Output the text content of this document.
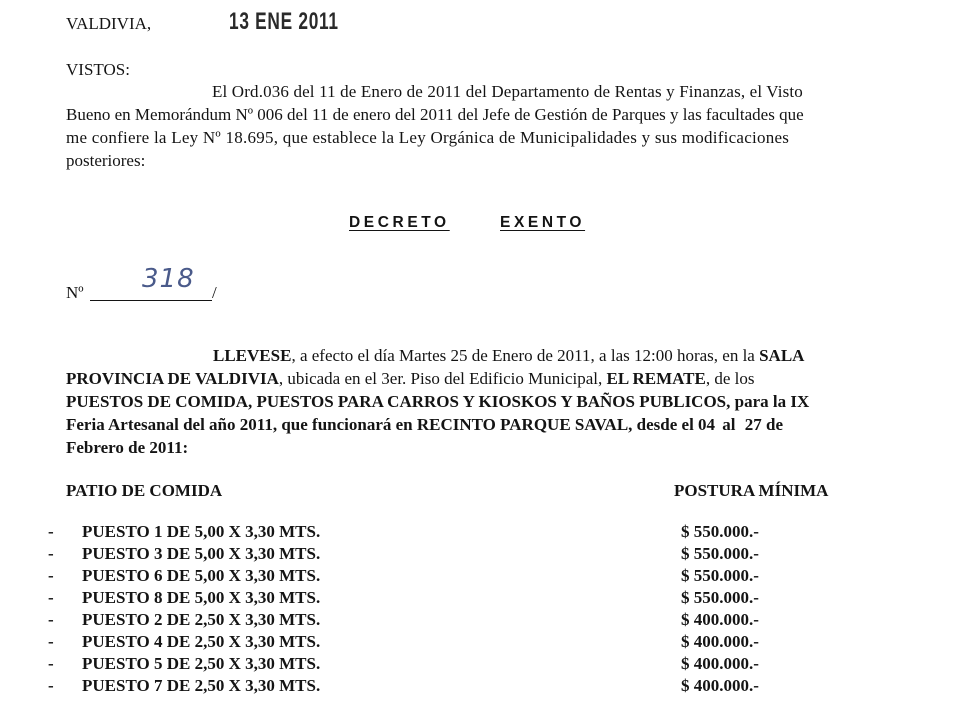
VALDIVIA,	13 ENE 2011
VISTOS:
El Ord.036 del 11 de Enero de 2011 del Departamento de Rentas y Finanzas, el Visto
Bueno en Memorándum Nº 006 del 11 de enero del 2011 del Jefe de Gestión de Parques y las facultades que
me confiere la Ley Nº 18.695, que establece la Ley Orgánica de Municipalidades y sus modificaciones
posteriores:
DECRETO	EXENTO
Nº 318 /
LLEVESE, a efecto el día Martes 25 de Enero de 2011, a las 12:00 horas, en la SALA
PROVINCIA DE VALDIVIA, ubicada en el 3er. Piso del Edificio Municipal, EL REMATE, de los
PUESTOS DE COMIDA, PUESTOS PARA CARROS Y KIOSKOS Y BAÑOS PUBLICOS, para la IX
Feria Artesanal del año 2011, que funcionará en RECINTO PARQUE SAVAL, desde el 04 al 27 de
Febrero de 2011:
PATIO DE COMIDA	POSTURA MÍNIMA
- PUESTO 1 DE 5,00 X 3,30 MTS.	$ 550.000.-
- PUESTO 3 DE 5,00 X 3,30 MTS.	$ 550.000.-
- PUESTO 6 DE 5,00 X 3,30 MTS.	$ 550.000.-
- PUESTO 8 DE 5,00 X 3,30 MTS.	$ 550.000.-
- PUESTO 2 DE 2,50 X 3,30 MTS.	$ 400.000.-
- PUESTO 4 DE 2,50 X 3,30 MTS.	$ 400.000.-
- PUESTO 5 DE 2,50 X 3,30 MTS.	$ 400.000.-
- PUESTO 7 DE 2,50 X 3,30 MTS.	$ 400.000.-
